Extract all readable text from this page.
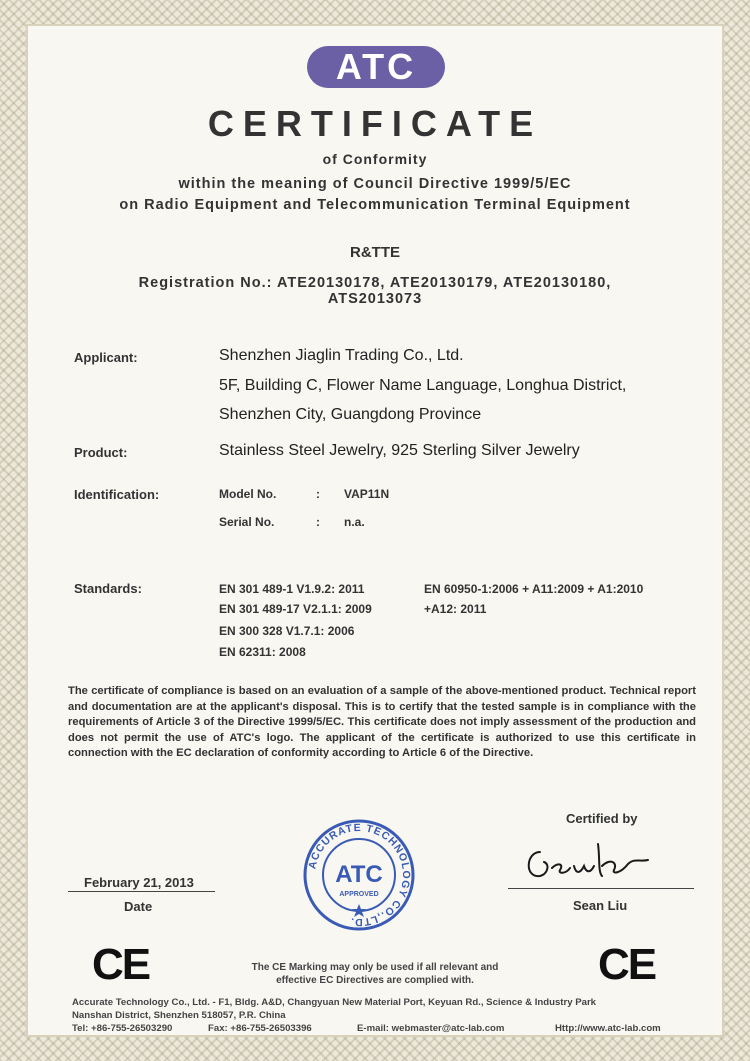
ATC
CERTIFICATE
of Conformity
within the meaning of Council Directive 1999/5/EC
on Radio Equipment and Telecommunication Terminal Equipment
R&TTE
Registration No.: ATE20130178, ATE20130179, ATE20130180,
ATS2013073
Applicant:	Shenzhen Jiaglin Trading Co., Ltd.
5F, Building C, Flower Name Language, Longhua District,
Shenzhen City, Guangdong Province
Product:	Stainless Steel Jewelry, 925 Sterling Silver Jewelry
Identification:	Model No.	: VAP11N
Serial No.	: n.a.
Standards:	EN 301 489-1 V1.9.2: 2011
EN 301 489-17 V2.1.1: 2009
EN 300 328 V1.7.1: 2006
EN 62311: 2008
EN 60950-1:2006 + A11:2009 + A1:2010
+A12: 2011
The certificate of compliance is based on an evaluation of a sample of the above-mentioned product. Technical report and documentation are at the applicant's disposal. This is to certify that the tested sample is in compliance with the requirements of Article 3 of the Directive 1999/5/EC. This certificate does not imply assessment of the production and does not permit the use of ATC's logo. The applicant of the certificate is authorized to use this certificate in connection with the EC declaration of conformity according to Article 6 of the Directive.
February 21, 2013
Date
ACCURATE TECHNOLOGY CO.,LTD.
ATC
APPROVED
Certified by
Sean Liu
CE	CE
The CE Marking may only be used if all relevant and
effective EC Directives are complied with.
Accurate Technology Co., Ltd. - F1, Bldg. A&D, Changyuan New Material Port, Keyuan Rd., Science & Industry Park
Nanshan District, Shenzhen 518057, P.R. China
Tel: +86-755-26503290	Fax: +86-755-26503396	E-mail: webmaster@atc-lab.com	Http://www.atc-lab.com
